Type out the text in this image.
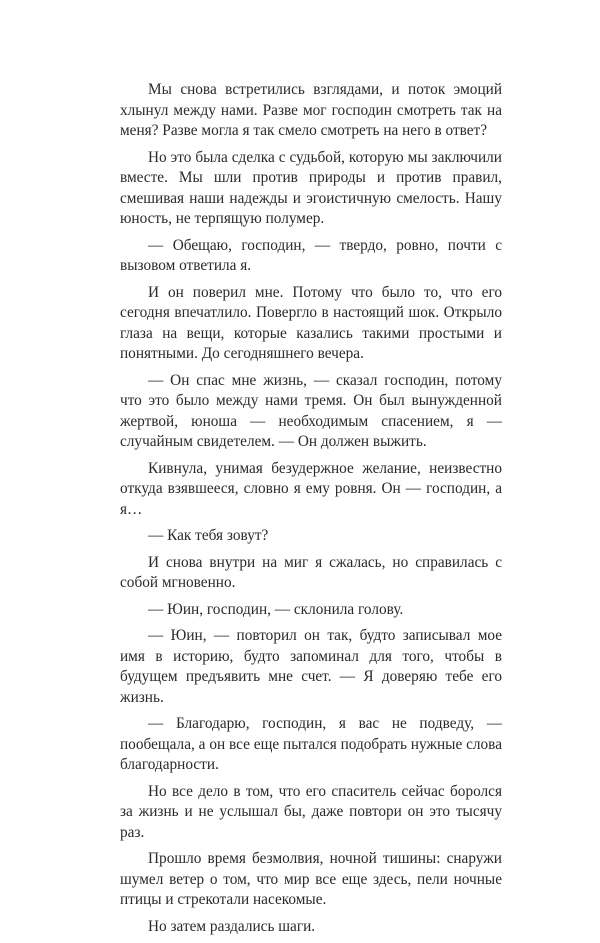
Мы снова встретились взглядами, и поток эмоций хлынул между нами. Разве мог господин смотреть так на меня? Разве могла я так смело смотреть на него в ответ?

Но это была сделка с судьбой, которую мы заключили вместе. Мы шли против природы и против правил, смешивая наши надежды и эгоистичную смелость. Нашу юность, не терпящую полумер.

— Обещаю, господин, — твердо, ровно, почти с вызовом ответила я.

И он поверил мне. Потому что было то, что его сегодня впечатлило. Повергло в настоящий шок. Открыло глаза на вещи, которые казались такими простыми и понятными. До сегодняшнего вечера.

— Он спас мне жизнь, — сказал господин, потому что это было между нами тремя. Он был вынужденной жертвой, юноша — необходимым спасением, я — случайным свидетелем. — Он должен выжить.

Кивнула, унимая безудержное желание, неизвестно откуда взявшееся, словно я ему ровня. Он — господин, а я…

— Как тебя зовут?

И снова внутри на миг я сжалась, но справилась с собой мгновенно.

— Юин, господин, — склонила голову.

— Юин, — повторил он так, будто записывал мое имя в историю, будто запоминал для того, чтобы в будущем предъявить мне счет. — Я доверяю тебе его жизнь.

— Благодарю, господин, я вас не подведу, — пообещала, а он все еще пытался подобрать нужные слова благодарности.

Но все дело в том, что его спаситель сейчас боролся за жизнь и не услышал бы, даже повтори он это тысячу раз.

Прошло время безмолвия, ночной тишины: снаружи шумел ветер о том, что мир все еще здесь, пели ночные птицы и стрекотали насекомые.

Но затем раздались шаги.
